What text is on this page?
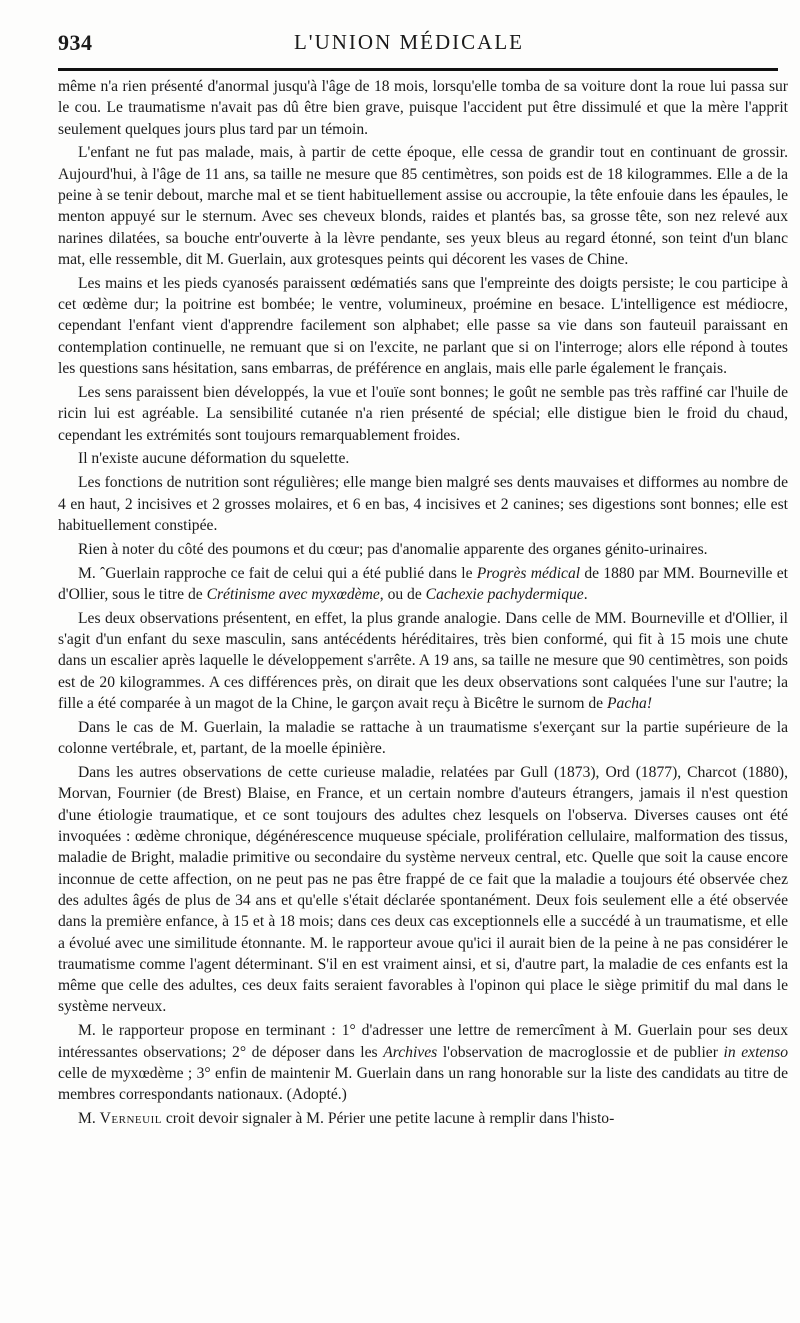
934	L'UNION MÉDICALE

même n'a rien présenté d'anormal jusqu'à l'âge de 18 mois, lorsqu'elle tomba de sa voiture dont la roue lui passa sur le cou. Le traumatisme n'avait pas dû être bien grave, puisque l'accident put être dissimulé et que la mère l'apprit seulement quelques jours plus tard par un témoin.

L'enfant ne fut pas malade, mais, à partir de cette époque, elle cessa de grandir tout en continuant de grossir. Aujourd'hui, à l'âge de 11 ans, sa taille ne mesure que 85 centimètres, son poids est de 18 kilogrammes. Elle a de la peine à se tenir debout, marche mal et se tient habituellement assise ou accroupie, la tête enfouie dans les épaules, le menton appuyé sur le sternum. Avec ses cheveux blonds, raides et plantés bas, sa grosse tête, son nez relevé aux narines dilatées, sa bouche entr'ouverte à la lèvre pendante, ses yeux bleus au regard étonné, son teint d'un blanc mat, elle ressemble, dit M. Guerlain, aux grotesques peints qui décorent les vases de Chine.

Les mains et les pieds cyanosés paraissent œdématiés sans que l'empreinte des doigts persiste; le cou participe à cet œdème dur; la poitrine est bombée; le ventre, volumineux, proémine en besace. L'intelligence est médiocre, cependant l'enfant vient d'apprendre facilement son alphabet; elle passe sa vie dans son fauteuil paraissant en contemplation continuelle, ne remuant que si on l'excite, ne parlant que si on l'interroge; alors elle répond à toutes les questions sans hésitation, sans embarras, de préférence en anglais, mais elle parle également le français.

Les sens paraissent bien développés, la vue et l'ouïe sont bonnes; le goût ne semble pas très raffiné car l'huile de ricin lui est agréable. La sensibilité cutanée n'a rien présenté de spécial; elle distigue bien le froid du chaud, cependant les extrémités sont toujours remarquablement froides.

Il n'existe aucune déformation du squelette.

Les fonctions de nutrition sont régulières; elle mange bien malgré ses dents mauvaises et difformes au nombre de 4 en haut, 2 incisives et 2 grosses molaires, et 6 en bas, 4 incisives et 2 canines; ses digestions sont bonnes; elle est habituellement constipée.

Rien à noter du côté des poumons et du cœur; pas d'anomalie apparente des organes génito-urinaires.

M. ˆGuerlain rapproche ce fait de celui qui a été publié dans le Progrès médical de 1880 par MM. Bourneville et d'Ollier, sous le titre de Crétinisme avec myxœdème, ou de Cachexie pachydermique.

Les deux observations présentent, en effet, la plus grande analogie. Dans celle de MM. Bourneville et d'Ollier, il s'agit d'un enfant du sexe masculin, sans antécédents héréditaires, très bien conformé, qui fit à 15 mois une chute dans un escalier après laquelle le développement s'arrête. A 19 ans, sa taille ne mesure que 90 centimètres, son poids est de 20 kilogrammes. A ces différences près, on dirait que les deux observations sont calquées l'une sur l'autre; la fille a été comparée à un magot de la Chine, le garçon avait reçu à Bicêtre le surnom de Pacha!

Dans le cas de M. Guerlain, la maladie se rattache à un traumatisme s'exerçant sur la partie supérieure de la colonne vertébrale, et, partant, de la moelle épinière.

Dans les autres observations de cette curieuse maladie, relatées par Gull (1873), Ord (1877), Charcot (1880), Morvan, Fournier (de Brest) Blaise, en France, et un certain nombre d'auteurs étrangers, jamais il n'est question d'une étiologie traumatique, et ce sont toujours des adultes chez lesquels on l'observa. Diverses causes ont été invoquées : œdème chronique, dégénérescence muqueuse spéciale, prolifération cellulaire, malformation des tissus, maladie de Bright, maladie primitive ou secondaire du système nerveux central, etc. Quelle que soit la cause encore inconnue de cette affection, on ne peut pas ne pas être frappé de ce fait que la maladie a toujours été observée chez des adultes âgés de plus de 34 ans et qu'elle s'était déclarée spontanément. Deux fois seulement elle a été observée dans la première enfance, à 15 et à 18 mois; dans ces deux cas exceptionnels elle a succédé à un traumatisme, et elle a évolué avec une similitude étonnante. M. le rapporteur avoue qu'ici il aurait bien de la peine à ne pas considérer le traumatisme comme l'agent déterminant. S'il en est vraiment ainsi, et si, d'autre part, la maladie de ces enfants est la même que celle des adultes, ces deux faits seraient favorables à l'opinon qui place le siège primitif du mal dans le système nerveux.

M. le rapporteur propose en terminant : 1° d'adresser une lettre de remercîment à M. Guerlain pour ses deux intéressantes observations; 2° de déposer dans les Archives l'observation de macroglossie et de publier in extenso celle de myxœdème ; 3° enfin de maintenir M. Guerlain dans un rang honorable sur la liste des candidats au titre de membres correspondants nationaux. (Adopté.)

M. Verneuil croit devoir signaler à M. Périer une petite lacune à remplir dans l'histo-
